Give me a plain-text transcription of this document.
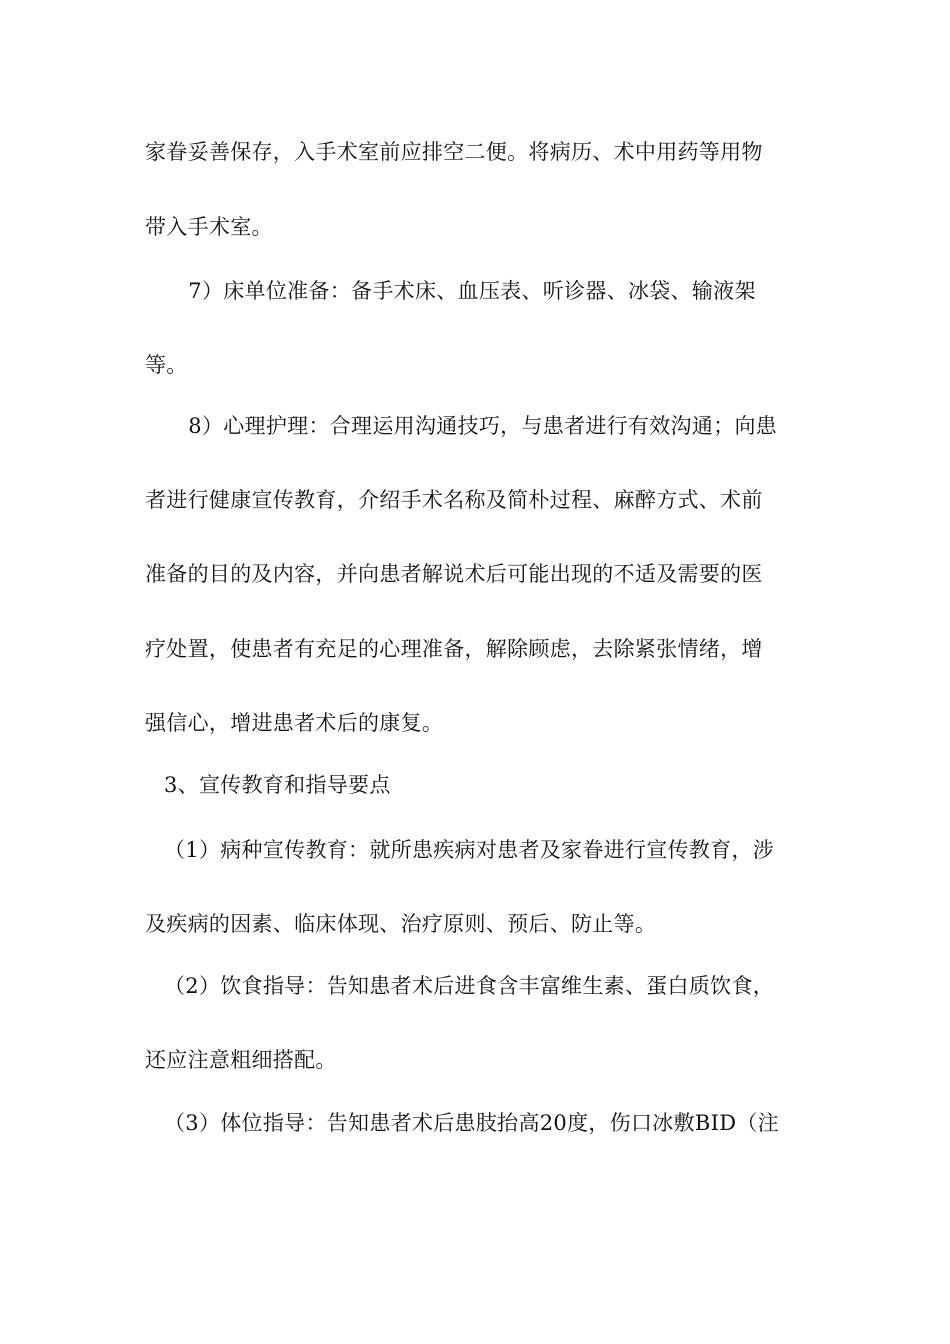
家眷妥善保存，入手术室前应排空二便。将病历、术中用药等用物
带入手术室。
　7）床单位准备：备手术床、血压表、听诊器、冰袋、输液架
等。
　8）心理护理：合理运用沟通技巧，与患者进行有效沟通；向患
者进行健康宣传教育，介绍手术名称及简朴过程、麻醉方式、术前
准备的目的及内容，并向患者解说术后可能出现的不适及需要的医
疗处置，使患者有充足的心理准备，解除顾虑，去除紧张情绪，增
强信心，增进患者术后的康复。
3、宣传教育和指导要点
（1）病种宣传教育：就所患疾病对患者及家眷进行宣传教育，涉
及疾病的因素、临床体现、治疗原则、预后、防止等。
（2）饮食指导：告知患者术后进食含丰富维生素、蛋白质饮食，
还应注意粗细搭配。
（3）体位指导：告知患者术后患肢抬高20度，伤口冰敷BID（注
